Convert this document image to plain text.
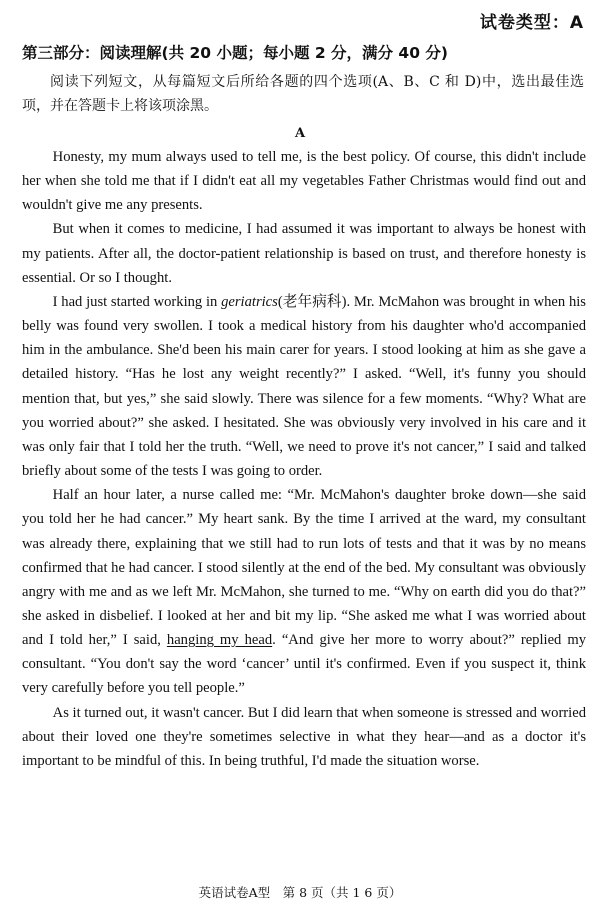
试卷类型：A
第三部分：阅读理解(共 20 小题；每小题 2 分，满分 40 分)
阅读下列短文，从每篇短文后所给各题的四个选项(A、B、C 和 D)中，选出最佳选项，并在答题卡上将该项涂黑。
A

Honesty, my mum always used to tell me, is the best policy. Of course, this didn't include her when she told me that if I didn't eat all my vegetables Father Christmas would find out and wouldn't give me any presents.

But when it comes to medicine, I had assumed it was important to always be honest with my patients. After all, the doctor-patient relationship is based on trust, and therefore honesty is essential. Or so I thought.

I had just started working in geriatrics(老年病科). Mr. McMahon was brought in when his belly was found very swollen. I took a medical history from his daughter who'd accompanied him in the ambulance. She'd been his main carer for years. I stood looking at him as she gave a detailed history. “Has he lost any weight recently?” I asked. “Well, it's funny you should mention that, but yes,” she said slowly. There was silence for a few moments. “Why? What are you worried about?” she asked. I hesitated. She was obviously very involved in his care and it was only fair that I told her the truth. “Well, we need to prove it's not cancer,” I said and talked briefly about some of the tests I was going to order.

Half an hour later, a nurse called me: “Mr. McMahon's daughter broke down—she said you told her he had cancer.” My heart sank. By the time I arrived at the ward, my consultant was already there, explaining that we still had to run lots of tests and that it was by no means confirmed that he had cancer. I stood silently at the end of the bed. My consultant was obviously angry with me and as we left Mr. McMahon, she turned to me. “Why on earth did you do that?” she asked in disbelief. I looked at her and bit my lip. “She asked me what I was worried about and I told her,” I said, hanging my head. “And give her more to worry about?” replied my consultant. “You don't say the word ‘cancer’ until it's confirmed. Even if you suspect it, think very carefully before you tell people.”

As it turned out, it wasn't cancer. But I did learn that when someone is stressed and worried about their loved one they're sometimes selective in what they hear—and as a doctor it's important to be mindful of this. In being truthful, I'd made the situation worse.

英语试卷A型　第 8 页（共 1 6 页）
